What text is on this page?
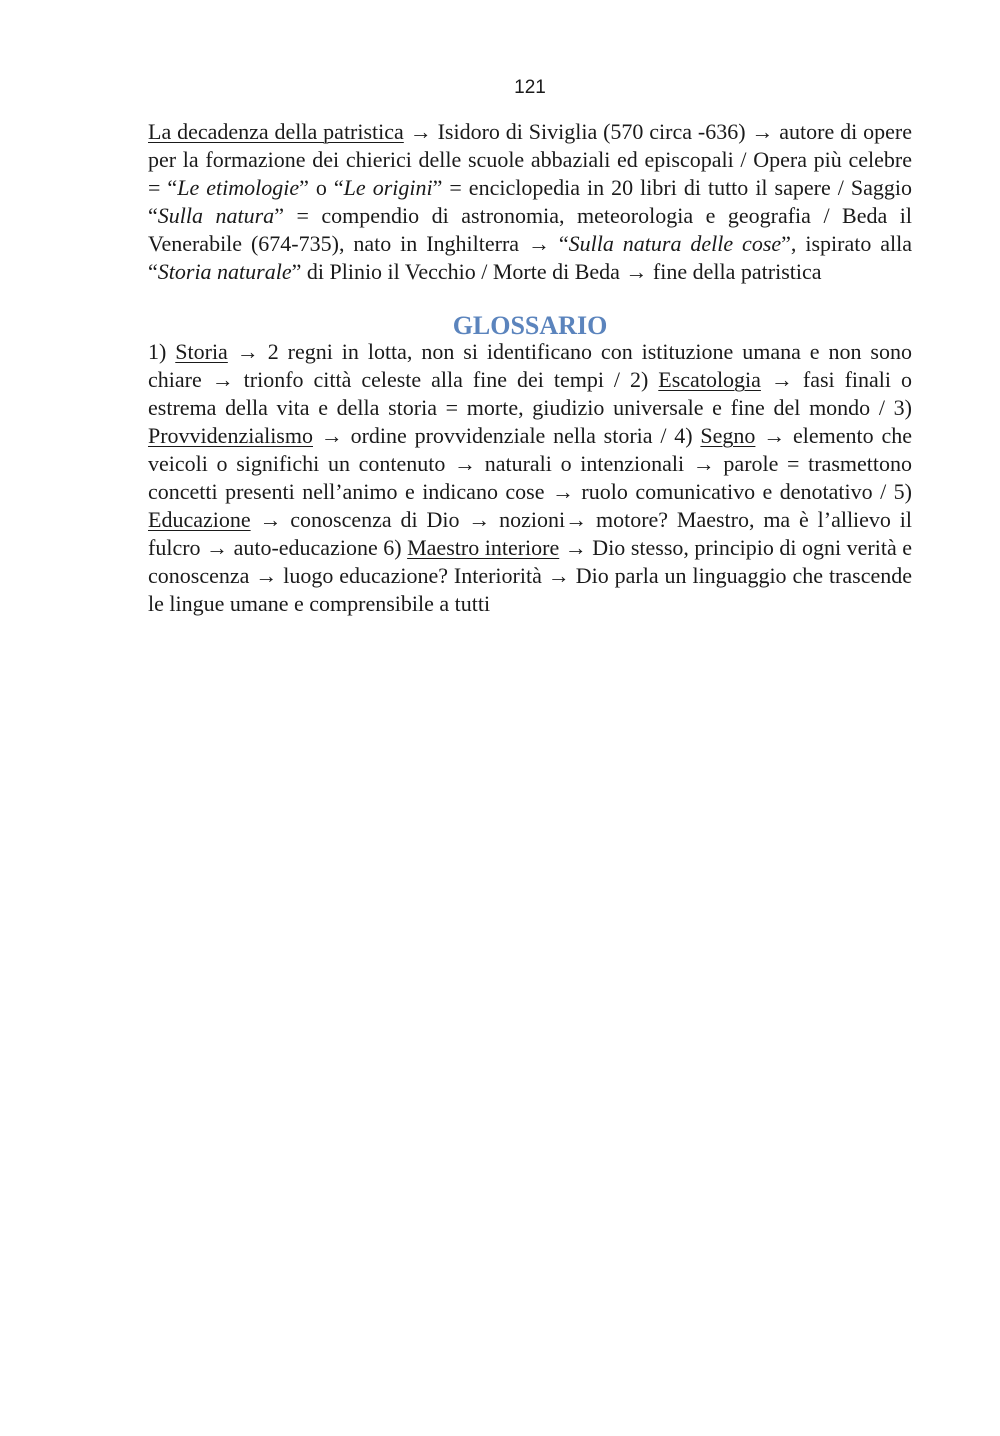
121

La decadenza della patristica → Isidoro di Siviglia (570 circa -636) → autore di opere per la formazione dei chierici delle scuole abbaziali ed episcopali / Opera più celebre = “Le etimologie” o “Le origini” = enciclopedia in 20 libri di tutto il sapere / Saggio “Sulla natura” = compendio di astronomia, meteorologia e geografia / Beda il Venerabile (674-735), nato in Inghilterra → “Sulla natura delle cose”, ispirato alla “Storia naturale” di Plinio il Vecchio / Morte di Beda → fine della patristica

GLOSSARIO

1) Storia → 2 regni in lotta, non si identificano con istituzione umana e non sono chiare → trionfo città celeste alla fine dei tempi / 2) Escatologia → fasi finali o estrema della vita e della storia = morte, giudizio universale e fine del mondo / 3) Provvidenzialismo → ordine provvidenziale nella storia / 4) Segno → elemento che veicoli o significhi un contenuto → naturali o intenzionali → parole = trasmettono concetti presenti nell’animo e indicano cose → ruolo comunicativo e denotativo / 5) Educazione → conoscenza di Dio → nozioni→ motore? Maestro, ma è l’allievo il fulcro → auto-educazione 6) Maestro interiore → Dio stesso, principio di ogni verità e conoscenza → luogo educazione? Interiorità → Dio parla un linguaggio che trascende le lingue umane e comprensibile a tutti
